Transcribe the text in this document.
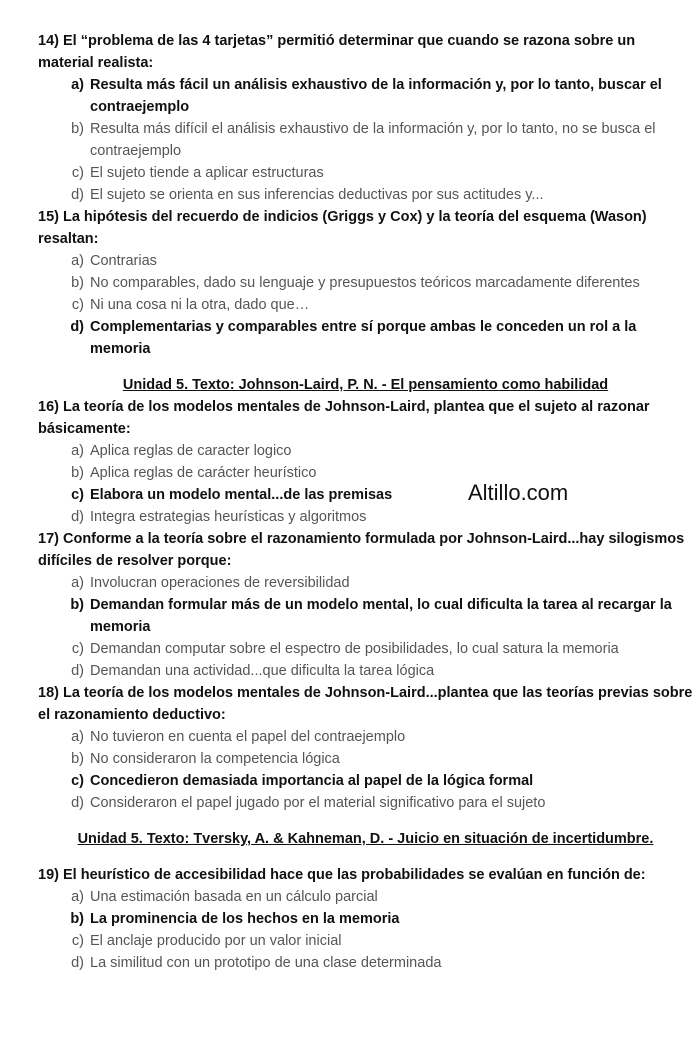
14) El “problema de las 4 tarjetas” permitió determinar que cuando se razona sobre un material realista:

a) Resulta más fácil un análisis exhaustivo de la información y, por lo tanto, buscar el contraejemplo
b) Resulta más difícil el análisis exhaustivo de la información y, por lo tanto, no se busca el contraejemplo
c) El sujeto tiende a aplicar estructuras
d) El sujeto se orienta en sus inferencias deductivas por sus actitudes y...

15) La hipótesis del recuerdo de indicios (Griggs y Cox) y la teoría del esquema (Wason) resaltan:

a) Contrarias
b) No comparables, dado su lenguaje y presupuestos teóricos marcadamente diferentes
c) Ni una cosa ni la otra, dado que…
d) Complementarias y comparables entre sí porque ambas le conceden un rol a la memoria

Unidad 5. Texto: Johnson-Laird, P. N. - El pensamiento como habilidad

16) La teoría de los modelos mentales de Johnson-Laird, plantea que el sujeto al razonar básicamente:

a) Aplica reglas de caracter logico
b) Aplica reglas de carácter heurístico
c) Elabora un modelo mental...de las premisas
d) Integra estrategias heurísticas y algoritmos

17) Conforme a la teoría sobre el razonamiento formulada por Johnson-Laird...hay silogismos difíciles de resolver porque:

a) Involucran operaciones de reversibilidad
b) Demandan formular más de un modelo mental, lo cual dificulta la tarea al recargar la memoria
c) Demandan computar sobre el espectro de posibilidades, lo cual satura la memoria
d) Demandan una actividad...que dificulta la tarea lógica

18) La teoría de los modelos mentales de Johnson-Laird...plantea que las teorías previas sobre el razonamiento deductivo:

a) No tuvieron en cuenta el papel del contraejemplo
b) No consideraron la competencia lógica
c) Concedieron demasiada importancia al papel de la lógica formal
d) Consideraron el papel jugado por el material significativo para el sujeto

Unidad 5. Texto: Tversky, A. & Kahneman, D. - Juicio en situación de incertidumbre.

19) El heurístico de accesibilidad hace que las probabilidades se evalúan en función de:

a) Una estimación basada en un cálculo parcial
b) La prominencia de los hechos en la memoria
c) El anclaje producido por un valor inicial
d) La similitud con un prototipo de una clase determinada
Altillo.com
